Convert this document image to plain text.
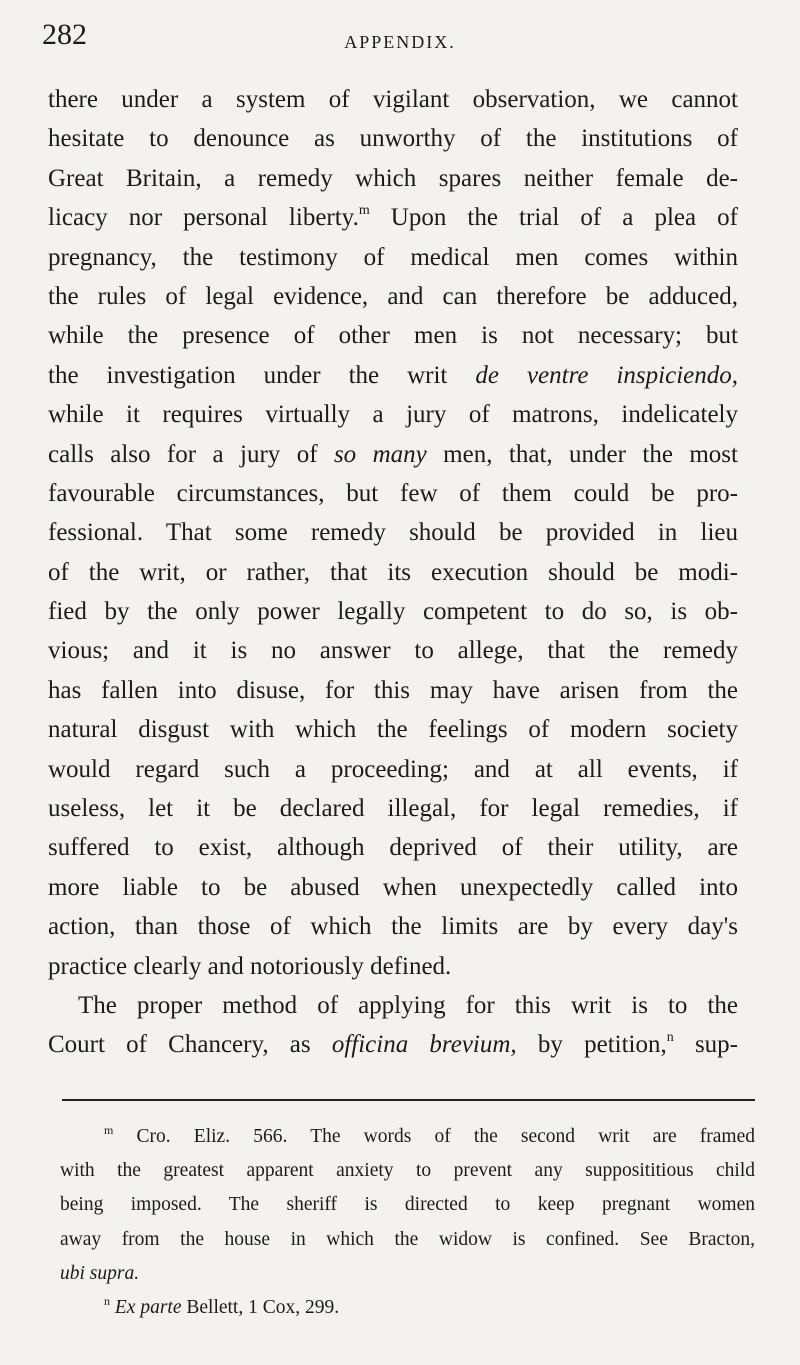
282	APPENDIX.
there under a system of vigilant observation, we cannot
hesitate to denounce as unworthy of the institutions of
Great Britain, a remedy which spares neither female de-
licacy nor personal liberty.$^m$ Upon the trial of a plea of
pregnancy, the testimony of medical men comes within
the rules of legal evidence, and can therefore be adduced,
while the presence of other men is not necessary; but
the investigation under the writ de ventre inspiciendo,
while it requires virtually a jury of matrons, indelicately
calls also for a jury of so many men, that, under the most
favourable circumstances, but few of them could be pro-
fessional. That some remedy should be provided in lieu
of the writ, or rather, that its execution should be modi-
fied by the only power legally competent to do so, is ob-
vious; and it is no answer to allege, that the remedy
has fallen into disuse, for this may have arisen from the
natural disgust with which the feelings of modern society
would regard such a proceeding; and at all events, if
useless, let it be declared illegal, for legal remedies, if
suffered to exist, although deprived of their utility, are
more liable to be abused when unexpectedly called into
action, than those of which the limits are by every day's
practice clearly and notoriously defined.
The proper method of applying for this writ is to the
Court of Chancery, as officina brevium, by petition,$^n$ sup-
$^m$ Cro. Eliz. 566. The words of the second writ are framed
with the greatest apparent anxiety to prevent any supposititious child
being imposed. The sheriff is directed to keep pregnant women
away from the house in which the widow is confined. See Bracton,
ubi supra.
$^n$ Ex parte Bellett, 1 Cox, 299.
